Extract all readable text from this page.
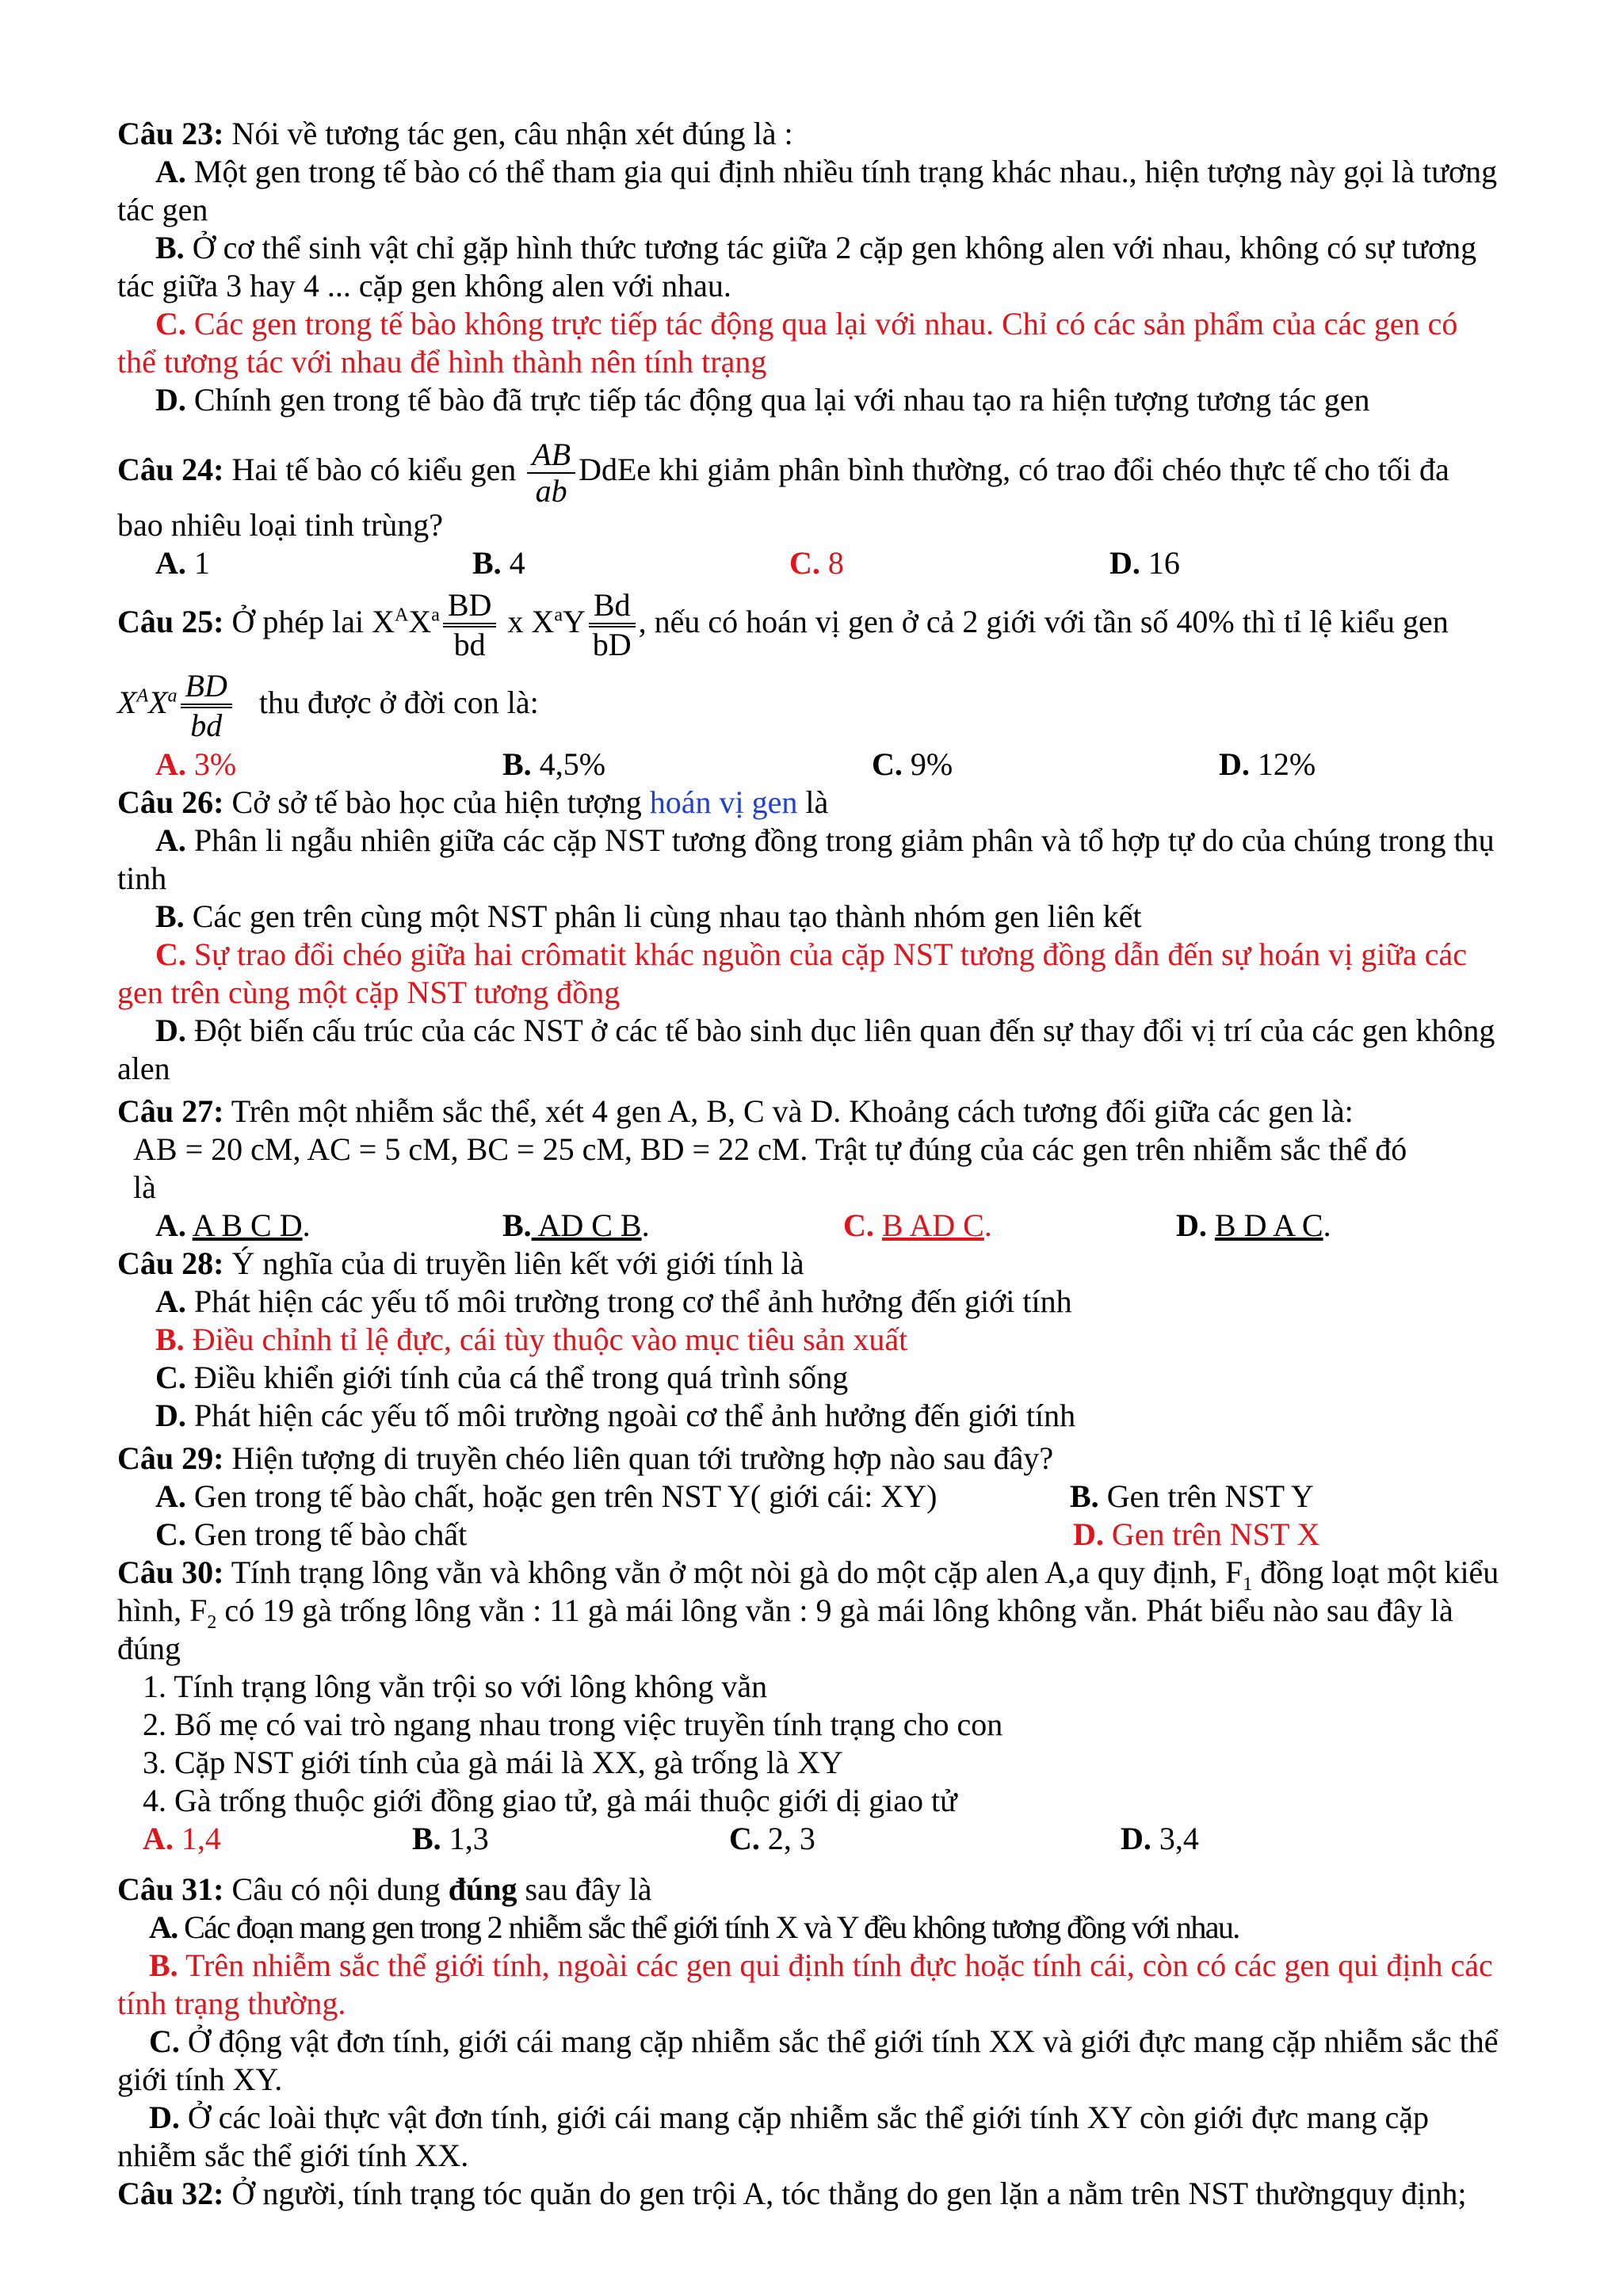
Câu 23: Nói về tương tác gen, câu nhận xét đúng là :
A. Một gen trong tế bào có thể tham gia qui định nhiều tính trạng khác nhau., hiện tượng này gọi là tương
tác gen
B. Ở cơ thể sinh vật chỉ gặp hình thức tương tác giữa 2 cặp gen không alen với nhau, không có sự tương
tác giữa 3 hay 4 ... cặp gen không alen với nhau.
C. Các gen trong tế bào không trực tiếp tác động qua lại với nhau. Chỉ có các sản phẩm của các gen có
thể tương tác với nhau để hình thành nên tính trạng
D. Chính gen trong tế bào đã trực tiếp tác động qua lại với nhau tạo ra hiện tượng tương tác gen
Câu 24: Hai tế bào có kiểu gen $\frac{AB}{ab}$ DdEe khi giảm phân bình thường, có trao đổi chéo thực tế cho tối đa
bao nhiêu loại tinh trùng?
A. 1	B. 4	C. 8	D. 16
Câu 25: Ở phép lai $X^AX^a \frac{BD}{bd}$ x $X^aY \frac{Bd}{bD}$ , nếu có hoán vị gen ở cả 2 giới với tần số 40% thì tỉ lệ kiểu gen
$X^AX^a \frac{BD}{bd}$ thu được ở đời con là:
A. 3%	B. 4,5%	C. 9%	D. 12%
Câu 26: Cở sở tế bào học của hiện tượng hoán vị gen là
A. Phân li ngẫu nhiên giữa các cặp NST tương đồng trong giảm phân và tổ hợp tự do của chúng trong thụ
tinh
B. Các gen trên cùng một NST phân li cùng nhau tạo thành nhóm gen liên kết
C. Sự trao đổi chéo giữa hai crômatit khác nguồn của cặp NST tương đồng dẫn đến sự hoán vị giữa các
gen trên cùng một cặp NST tương đồng
D. Đột biến cấu trúc của các NST ở các tế bào sinh dục liên quan đến sự thay đổi vị trí của các gen không
alen
Câu 27: Trên một nhiễm sắc thể, xét 4 gen A, B, C và D. Khoảng cách tương đối giữa các gen là:
AB = 20 cM, AC = 5 cM, BC = 25 cM, BD = 22 cM. Trật tự đúng của các gen trên nhiễm sắc thể đó
là
A. A B C D.	B. AD C B.	C. B AD C.	D. B D A C.
Câu 28: Ý nghĩa của di truyền liên kết với giới tính là
A. Phát hiện các yếu tố môi trường trong cơ thể ảnh hưởng đến giới tính
B. Điều chỉnh tỉ lệ đực, cái tùy thuộc vào mục tiêu sản xuất
C. Điều khiển giới tính của cá thể trong quá trình sống
D. Phát hiện các yếu tố môi trường ngoài cơ thể ảnh hưởng đến giới tính
Câu 29: Hiện tượng di truyền chéo liên quan tới trường hợp nào sau đây?
A. Gen trong tế bào chất, hoặc gen trên NST Y( giới cái: XY)	B. Gen trên NST Y
C. Gen trong tế bào chất	D. Gen trên NST X
Câu 30: Tính trạng lông vằn và không vằn ở một nòi gà do một cặp alen A,a quy định, $F_1$ đồng loạt một kiểu
hình, $F_2$ có 19 gà trống lông vằn : 11 gà mái lông vằn : 9 gà mái lông không vằn. Phát biểu nào sau đây là
đúng
1. Tính trạng lông vằn trội so với lông không vằn
2. Bố mẹ có vai trò ngang nhau trong việc truyền tính trạng cho con
3. Cặp NST giới tính của gà mái là XX, gà trống là XY
4. Gà trống thuộc giới đồng giao tử, gà mái thuộc giới dị giao tử
A. 1,4	B. 1,3	C. 2, 3	D. 3,4
Câu 31: Câu có nội dung đúng sau đây là
A. Các đoạn mang gen trong 2 nhiễm sắc thể giới tính X và Y đều không tương đồng với nhau.
B. Trên nhiễm sắc thể giới tính, ngoài các gen qui định tính đực hoặc tính cái, còn có các gen qui định các
tính trạng thường.
C. Ở động vật đơn tính, giới cái mang cặp nhiễm sắc thể giới tính XX và giới đực mang cặp nhiễm sắc thể
giới tính XY.
D. Ở các loài thực vật đơn tính, giới cái mang cặp nhiễm sắc thể giới tính XY còn giới đực mang cặp
nhiễm sắc thể giới tính XX.
Câu 32: Ở người, tính trạng tóc quăn do gen trội A, tóc thẳng do gen lặn a nằm trên NST thườngquy định;
